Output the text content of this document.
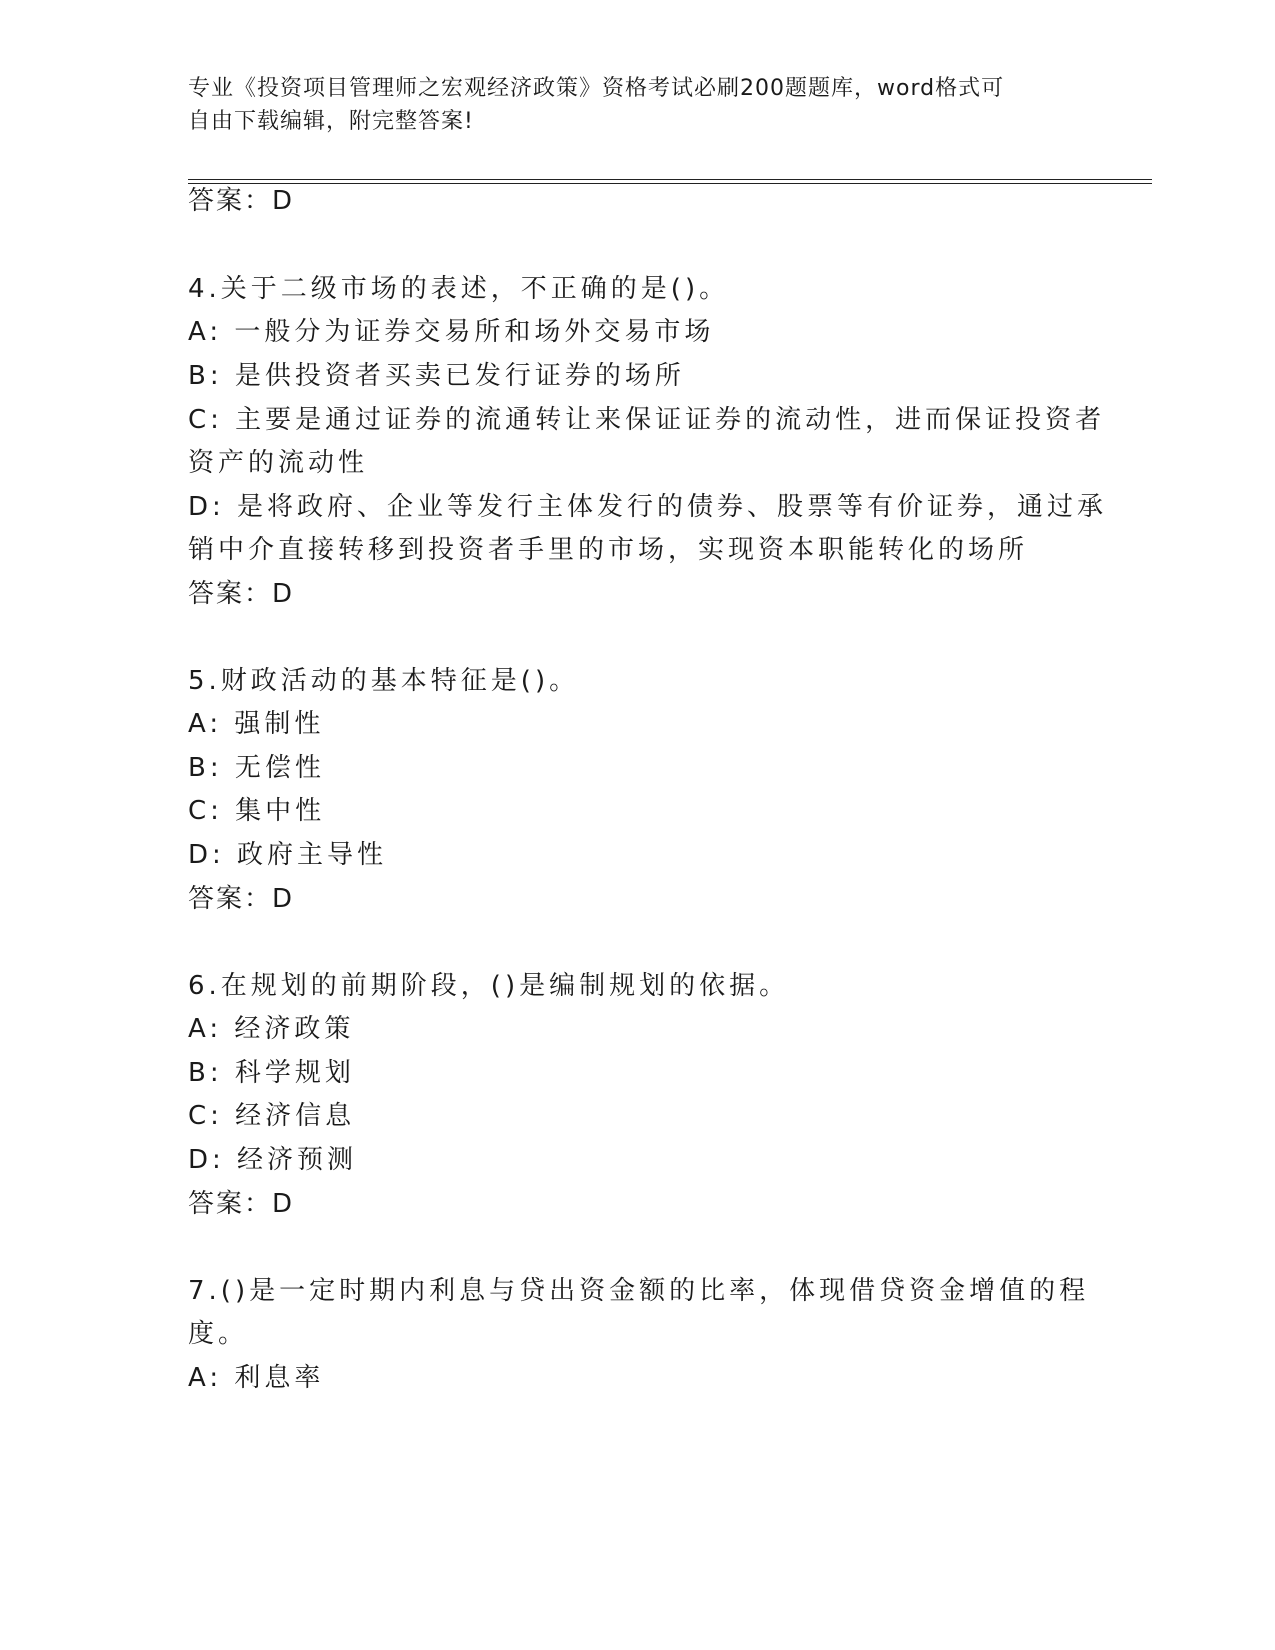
专业《投资项目管理师之宏观经济政策》资格考试必刷200题题库，word格式可
自由下载编辑，附完整答案!
答案：D
4.关于二级市场的表述，不正确的是()。
A: 一般分为证券交易所和场外交易市场
B: 是供投资者买卖已发行证券的场所
C: 主要是通过证券的流通转让来保证证券的流动性，进而保证投资者
资产的流动性
D: 是将政府、企业等发行主体发行的债券、股票等有价证券，通过承
销中介直接转移到投资者手里的市场，实现资本职能转化的场所
答案：D
5.财政活动的基本特征是()。
A: 强制性
B: 无偿性
C: 集中性
D: 政府主导性
答案：D
6.在规划的前期阶段，()是编制规划的依据。
A: 经济政策
B: 科学规划
C: 经济信息
D: 经济预测
答案：D
7.()是一定时期内利息与贷出资金额的比率，体现借贷资金增值的程
度。
A: 利息率
